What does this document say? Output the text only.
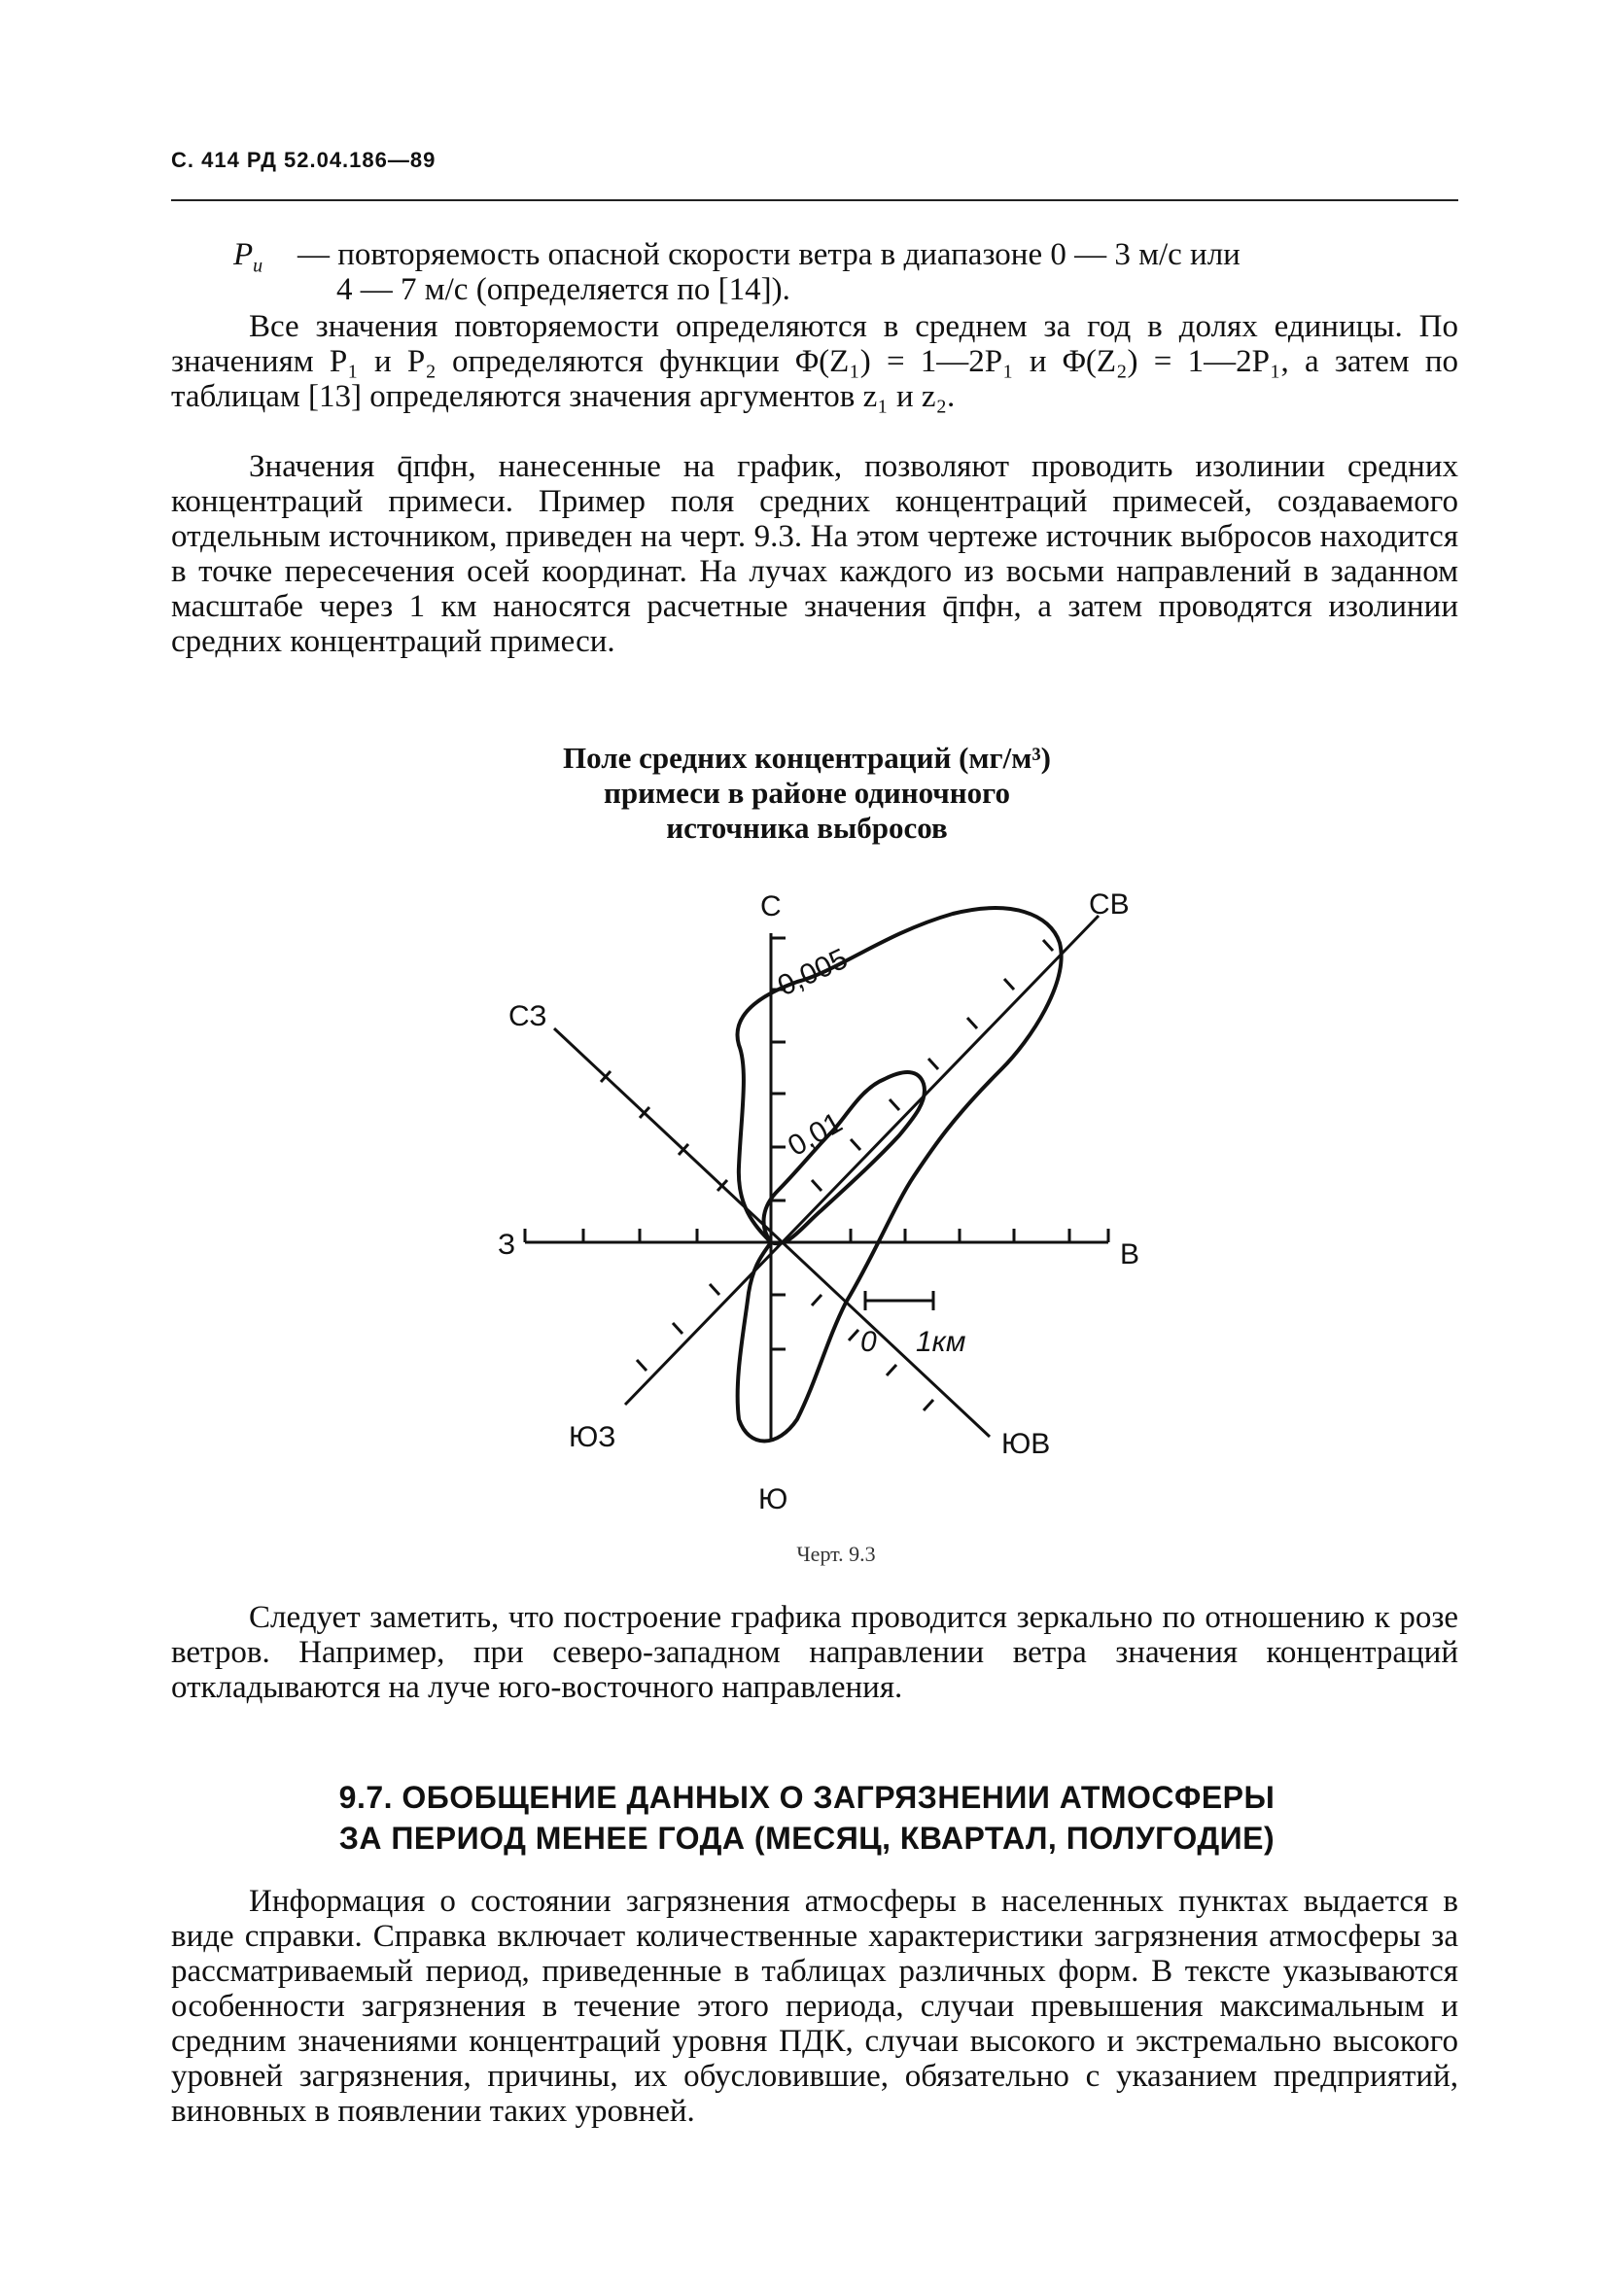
С. 414 РД 52.04.186—89
$P_и$ — повторяемость опасной скорости ветра в диапазоне 0 — 3 м/с или
4 — 7 м/с (определяется по [14]).
Все значения повторяемости определяются в среднем за год в долях единицы. По значениям P₁ и P₂ определяются функции Φ(Z₁) = 1—2P₁ и Φ(Z₂) = 1—2P₁, а затем по таблицам [13] определяются значения аргументов z₁ и z₂.
Значения q̄пфн, нанесенные на график, позволяют проводить изолинии средних концентраций примеси. Пример поля средних концентраций примесей, создаваемого отдельным источником, приведен на черт. 9.3. На этом чертеже источник выбросов находится в точке пересечения осей координат. На лучах каждого из восьми направлений в заданном масштабе через 1 км наносятся расчетные значения q̄пфн, а затем проводятся изолинии средних концентраций примеси.
Поле средних концентраций (мг/м³)
примеси в районе одиночного
источника выбросов
С	СВ
СЗ
З	В
ЮЗ	ЮВ
Ю
0,005
0,01
0 1км
Черт. 9.3
Следует заметить, что построение графика проводится зеркально по отношению к розе ветров. Например, при северо-западном направлении ветра значения концентраций откладываются на луче юго-восточного направления.
9.7. ОБОБЩЕНИЕ ДАННЫХ О ЗАГРЯЗНЕНИИ АТМОСФЕРЫ
ЗА ПЕРИОД МЕНЕЕ ГОДА (МЕСЯЦ, КВАРТАЛ, ПОЛУГОДИЕ)
Информация о состоянии загрязнения атмосферы в населенных пунктах выдается в виде справки. Справка включает количественные характеристики загрязнения атмосферы за рассматриваемый период, приведенные в таблицах различных форм. В тексте указываются особенности загрязнения в течение этого периода, случаи превышения максимальным и средним значениями концентраций уровня ПДК, случаи высокого и экстремально высокого уровней загрязнения, причины, их обусловившие, обязательно с указанием предприятий, виновных в появлении таких уровней.
